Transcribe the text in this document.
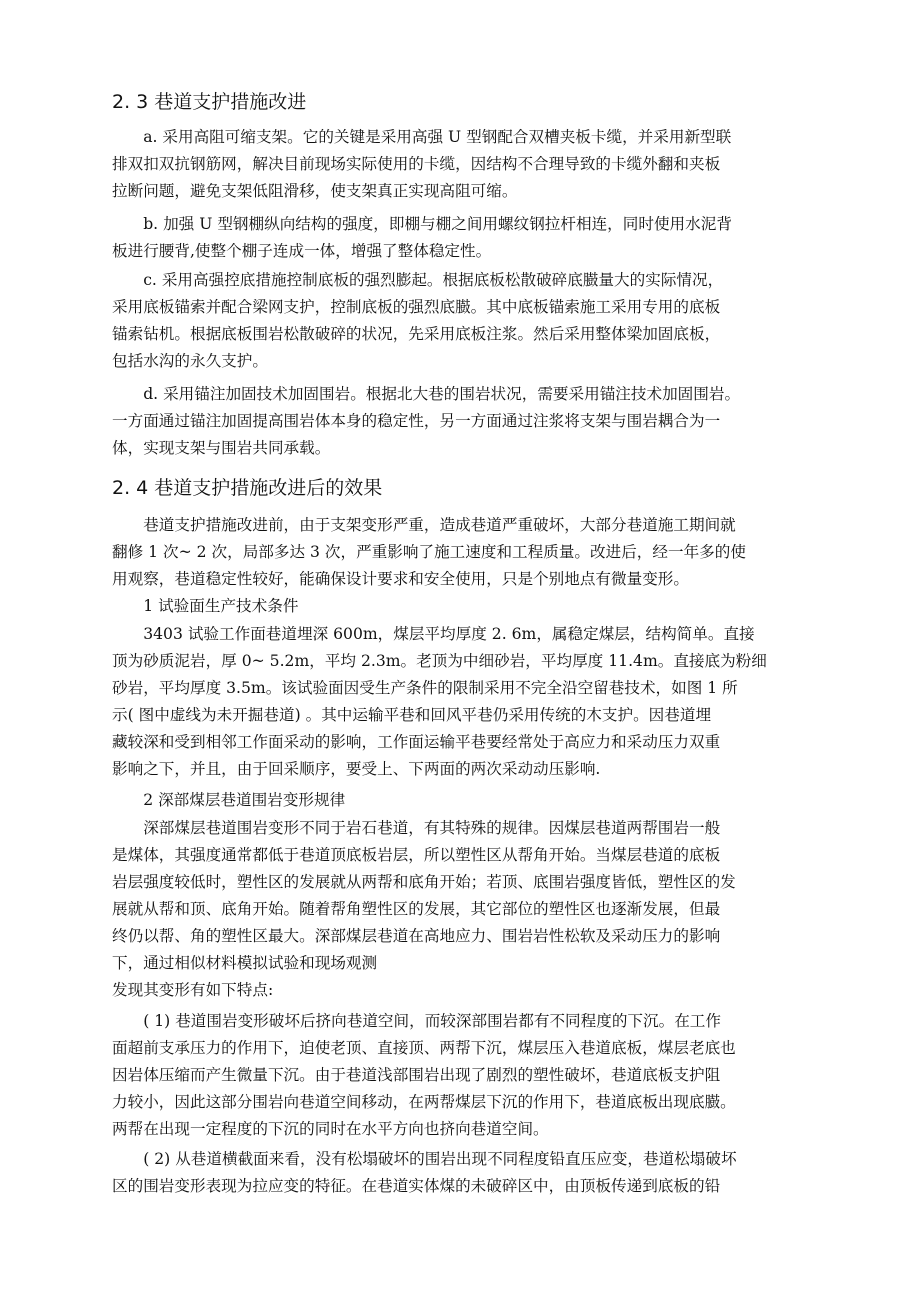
2. 3 巷道支护措施改进

　　a. 采用高阻可缩支架。它的关键是采用高强 U 型钢配合双槽夹板卡缆，并采用新型联
排双扣双抗钢筋网，解决目前现场实际使用的卡缆，因结构不合理导致的卡缆外翻和夹板
拉断问题，避免支架低阻滑移，使支架真正实现高阻可缩。

　　b. 加强 U 型钢棚纵向结构的强度，即棚与棚之间用螺纹钢拉杆相连，同时使用水泥背
板进行腰背,使整个棚子连成一体，增强了整体稳定性。

　　c. 采用高强控底措施控制底板的强烈膨起。根据底板松散破碎底臌量大的实际情况，
采用底板锚索并配合梁网支护，控制底板的强烈底臌。其中底板锚索施工采用专用的底板
锚索钻机。根据底板围岩松散破碎的状况，先采用底板注浆。然后采用整体梁加固底板，
包括水沟的永久支护。

　　d. 采用锚注加固技术加固围岩。根据北大巷的围岩状况，需要采用锚注技术加固围岩。
一方面通过锚注加固提高围岩体本身的稳定性，另一方面通过注浆将支架与围岩耦合为一
体，实现支架与围岩共同承载。

2. 4 巷道支护措施改进后的效果

　　巷道支护措施改进前，由于支架变形严重，造成巷道严重破坏，大部分巷道施工期间就
翻修 1 次~ 2 次，局部多达 3 次，严重影响了施工速度和工程质量。改进后，经一年多的使
用观察，巷道稳定性较好，能确保设计要求和安全使用，只是个别地点有微量变形。

　　1 试验面生产技术条件

　　3403 试验工作面巷道埋深 600m，煤层平均厚度 2. 6m，属稳定煤层，结构简单。直接
顶为砂质泥岩，厚 0~ 5.2m，平均 2.3m。老顶为中细砂岩，平均厚度 11.4m。直接底为粉细
砂岩，平均厚度 3.5m。该试验面因受生产条件的限制采用不完全沿空留巷技术，如图 1 所
示( 图中虚线为未开掘巷道) 。其中运输平巷和回风平巷仍采用传统的木支护。因巷道埋
藏较深和受到相邻工作面采动的影响，工作面运输平巷要经常处于高应力和采动压力双重
影响之下，并且，由于回采顺序，要受上、下两面的两次采动动压影响.

　　2 深部煤层巷道围岩变形规律

　　深部煤层巷道围岩变形不同于岩石巷道，有其特殊的规律。因煤层巷道两帮围岩一般
是煤体，其强度通常都低于巷道顶底板岩层，所以塑性区从帮角开始。当煤层巷道的底板
岩层强度较低时，塑性区的发展就从两帮和底角开始；若顶、底围岩强度皆低，塑性区的发
展就从帮和顶、底角开始。随着帮角塑性区的发展，其它部位的塑性区也逐渐发展，但最
终仍以帮、角的塑性区最大。深部煤层巷道在高地应力、围岩岩性松软及采动压力的影响
下，通过相似材料模拟试验和现场观测
发现其变形有如下特点:

　　( 1) 巷道围岩变形破坏后挤向巷道空间，而较深部围岩都有不同程度的下沉。在工作
面超前支承压力的作用下，迫使老顶、直接顶、两帮下沉，煤层压入巷道底板，煤层老底也
因岩体压缩而产生微量下沉。由于巷道浅部围岩出现了剧烈的塑性破坏，巷道底板支护阻
力较小，因此这部分围岩向巷道空间移动，在两帮煤层下沉的作用下，巷道底板出现底臌。
两帮在出现一定程度的下沉的同时在水平方向也挤向巷道空间。

　　( 2) 从巷道横截面来看，没有松塌破坏的围岩出现不同程度铅直压应变，巷道松塌破坏
区的围岩变形表现为拉应变的特征。在巷道实体煤的未破碎区中，由顶板传递到底板的铅
